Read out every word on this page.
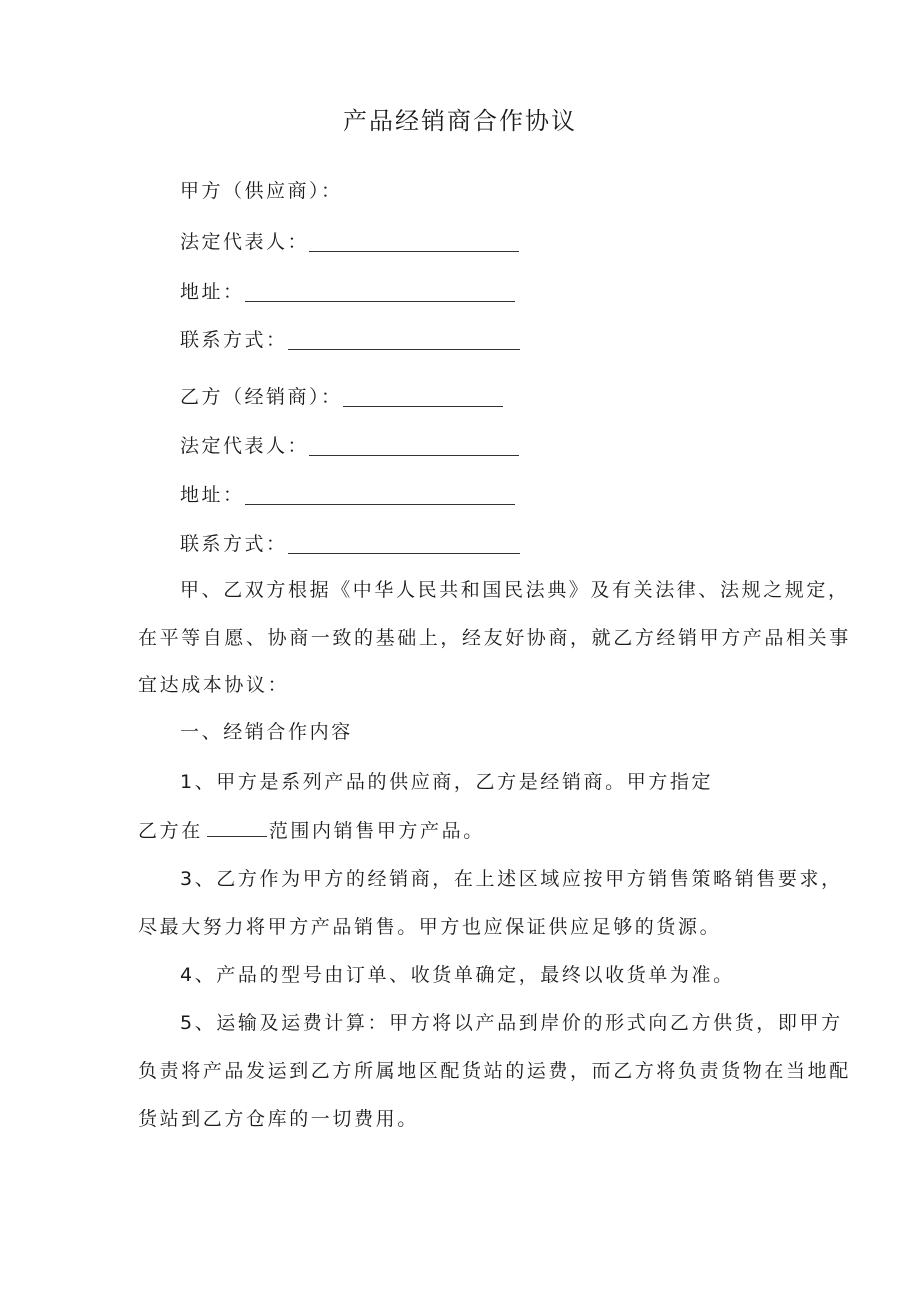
产品经销商合作协议
甲方（供应商）：
法定代表人：
地址：
联系方式：
乙方（经销商）：
法定代表人：
地址：
联系方式：
甲、乙双方根据《中华人民共和国民法典》及有关法律、法规之规定，
在平等自愿、协商一致的基础上，经友好协商，就乙方经销甲方产品相关事
宜达成本协议：
一、经销合作内容
1、甲方是系列产品的供应商，乙方是经销商。甲方指定
乙方在	范围内销售甲方产品。
3、乙方作为甲方的经销商，在上述区域应按甲方销售策略销售要求，
尽最大努力将甲方产品销售。甲方也应保证供应足够的货源。
4、产品的型号由订单、收货单确定，最终以收货单为准。
5、运输及运费计算：甲方将以产品到岸价的形式向乙方供货，即甲方
负责将产品发运到乙方所属地区配货站的运费，而乙方将负责货物在当地配
货站到乙方仓库的一切费用。
